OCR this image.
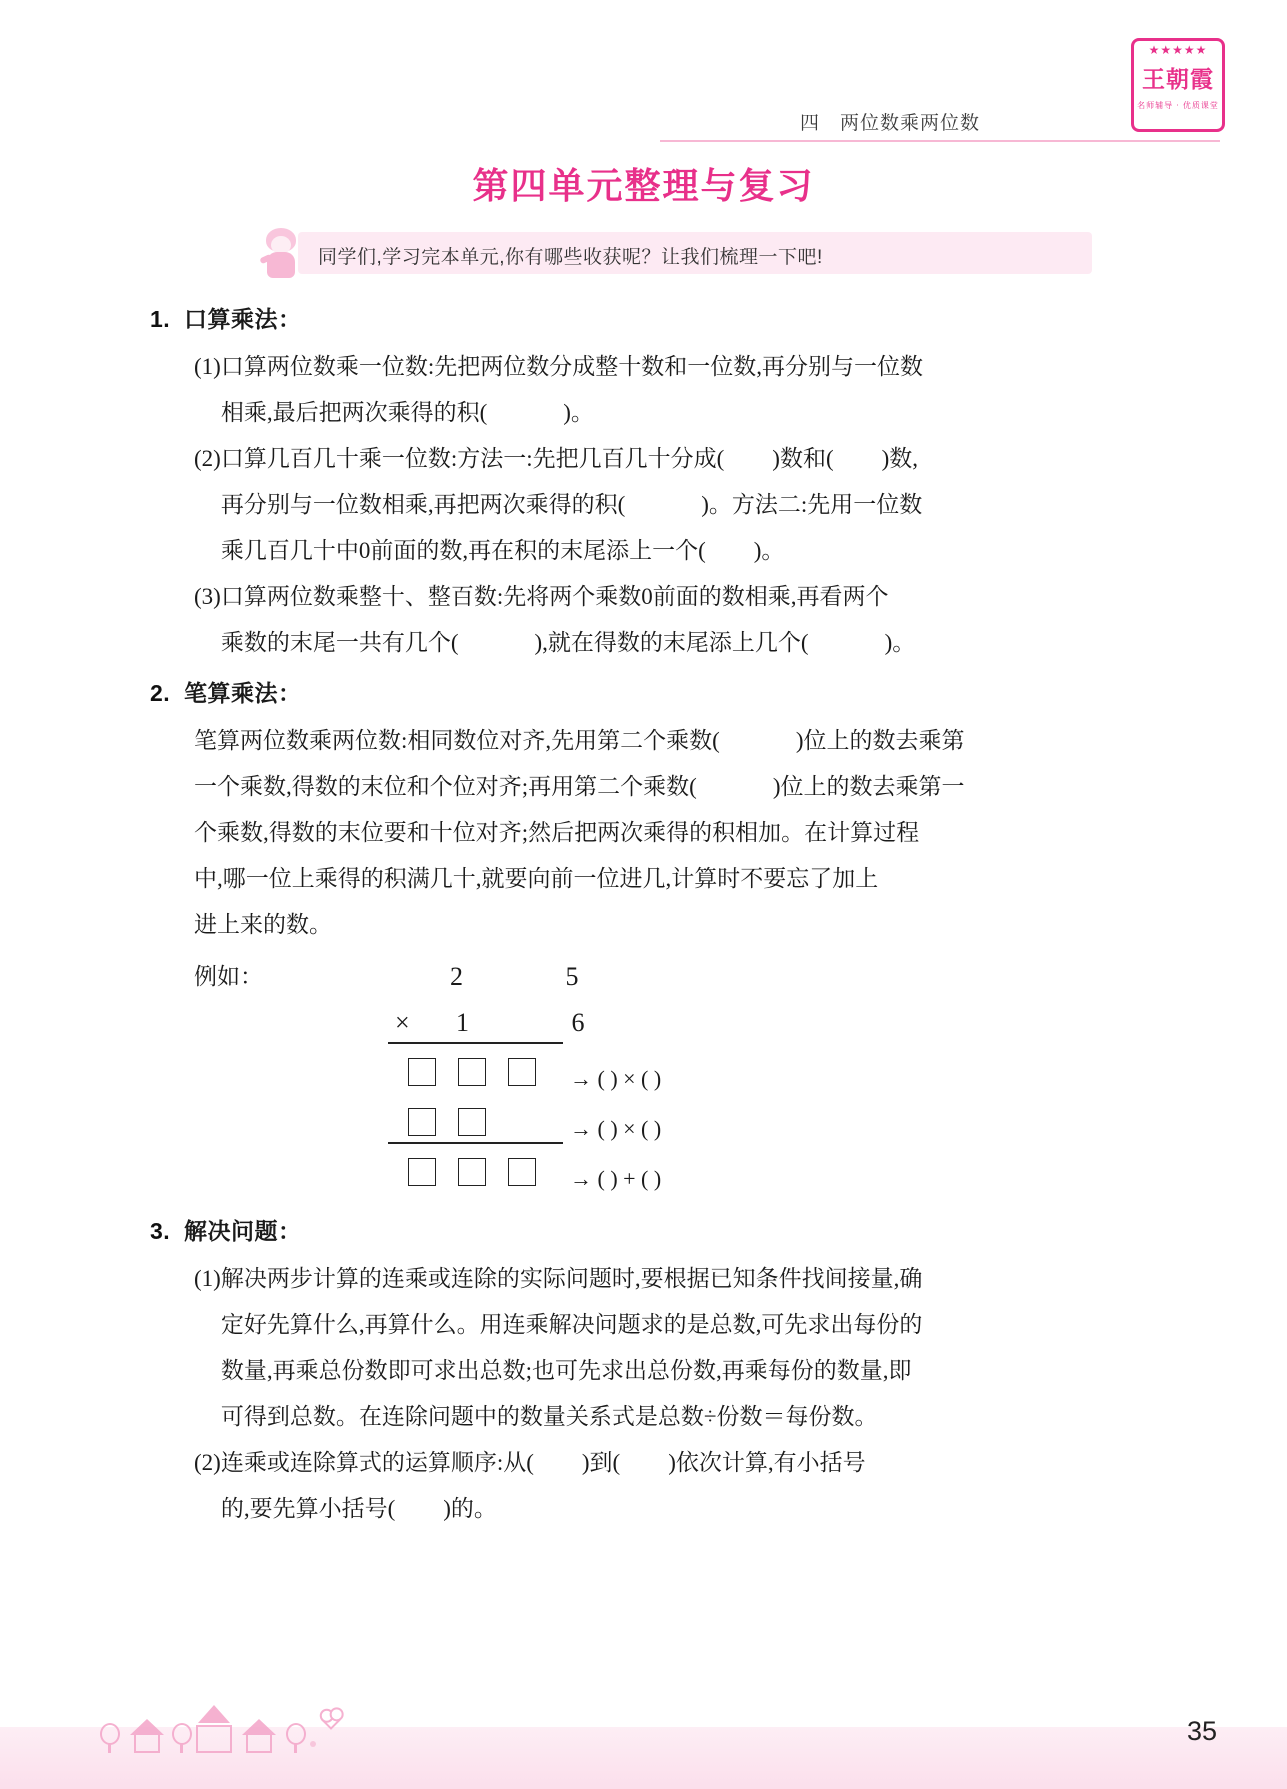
四　两位数乘两位数
★★★★★
王朝霞
名师辅导 · 优质课堂
第四单元整理与复习
同学们,学习完本单元,你有哪些收获呢？让我们梳理一下吧!
1. 口算乘法：
(1) 口算两位数乘一位数:先把两位数分成整十数和一位数,再分别与一位数
相乘,最后把两次乘得的积(	)。
(2) 口算几百几十乘一位数:方法一:先把几百几十分成( )数和( )数,
再分别与一位数相乘,再把两次乘得的积(	)。方法二:先用一位数
乘几百几十中0前面的数,再在积的末尾添上一个( )。
(3) 口算两位数乘整十、整百数:先将两个乘数0前面的数相乘,再看两个
乘数的末尾一共有几个(	),就在得数的末尾添上几个(	)。
2. 笔算乘法：
笔算两位数乘两位数:相同数位对齐,先用第二个乘数(	)位上的数去乘第
一个乘数,得数的末位和个位对齐;再用第二个乘数(	)位上的数去乘第一
个乘数,得数的末位要和十位对齐;然后把两次乘得的积相加。在计算过程
中,哪一位上乘得的积满几十,就要向前一位进几,计算时不要忘了加上
进上来的数。
例如：	2 5
× 1 6
→ ( ) × ( )
→ ( ) × ( )
→ ( ) + ( )
3. 解决问题：
(1) 解决两步计算的连乘或连除的实际问题时,要根据已知条件找间接量,确
定好先算什么,再算什么。用连乘解决问题求的是总数,可先求出每份的
数量,再乘总份数即可求出总数;也可先求出总份数,再乘每份的数量,即
可得到总数。在连除问题中的数量关系式是总数÷份数＝每份数。
(2) 连乘或连除算式的运算顺序:从( )到( )依次计算,有小括号
的,要先算小括号( )的。
35
